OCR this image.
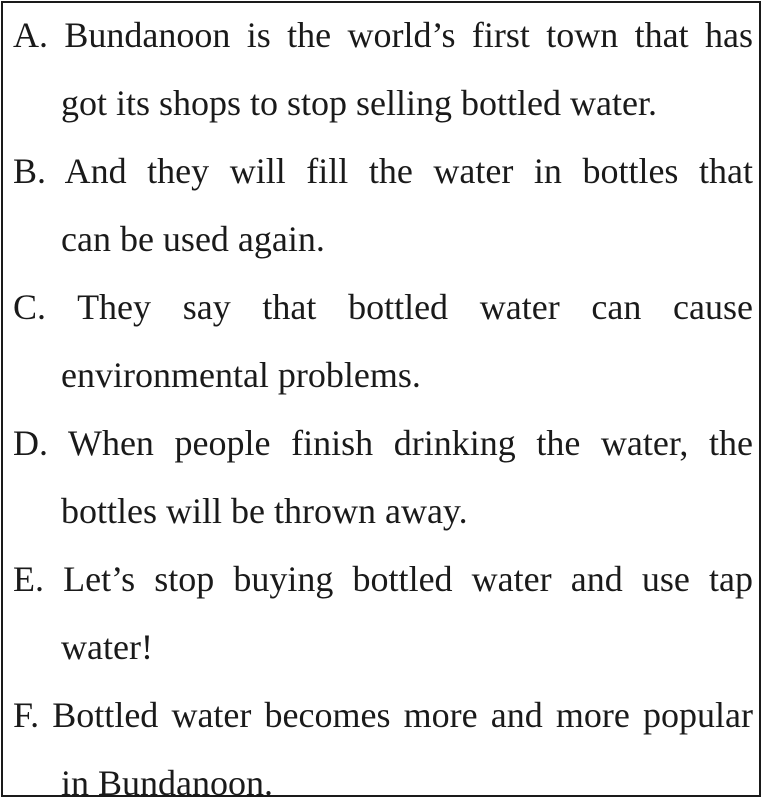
A. Bundanoon is the world’s first town that has
got its shops to stop selling bottled water.
B. And they will fill the water in bottles that
can be used again.
C. They say that bottled water can cause
environmental problems.
D. When people finish drinking the water, the
bottles will be thrown away.
E. Let’s stop buying bottled water and use tap
water!
F. Bottled water becomes more and more popular
in Bundanoon.
